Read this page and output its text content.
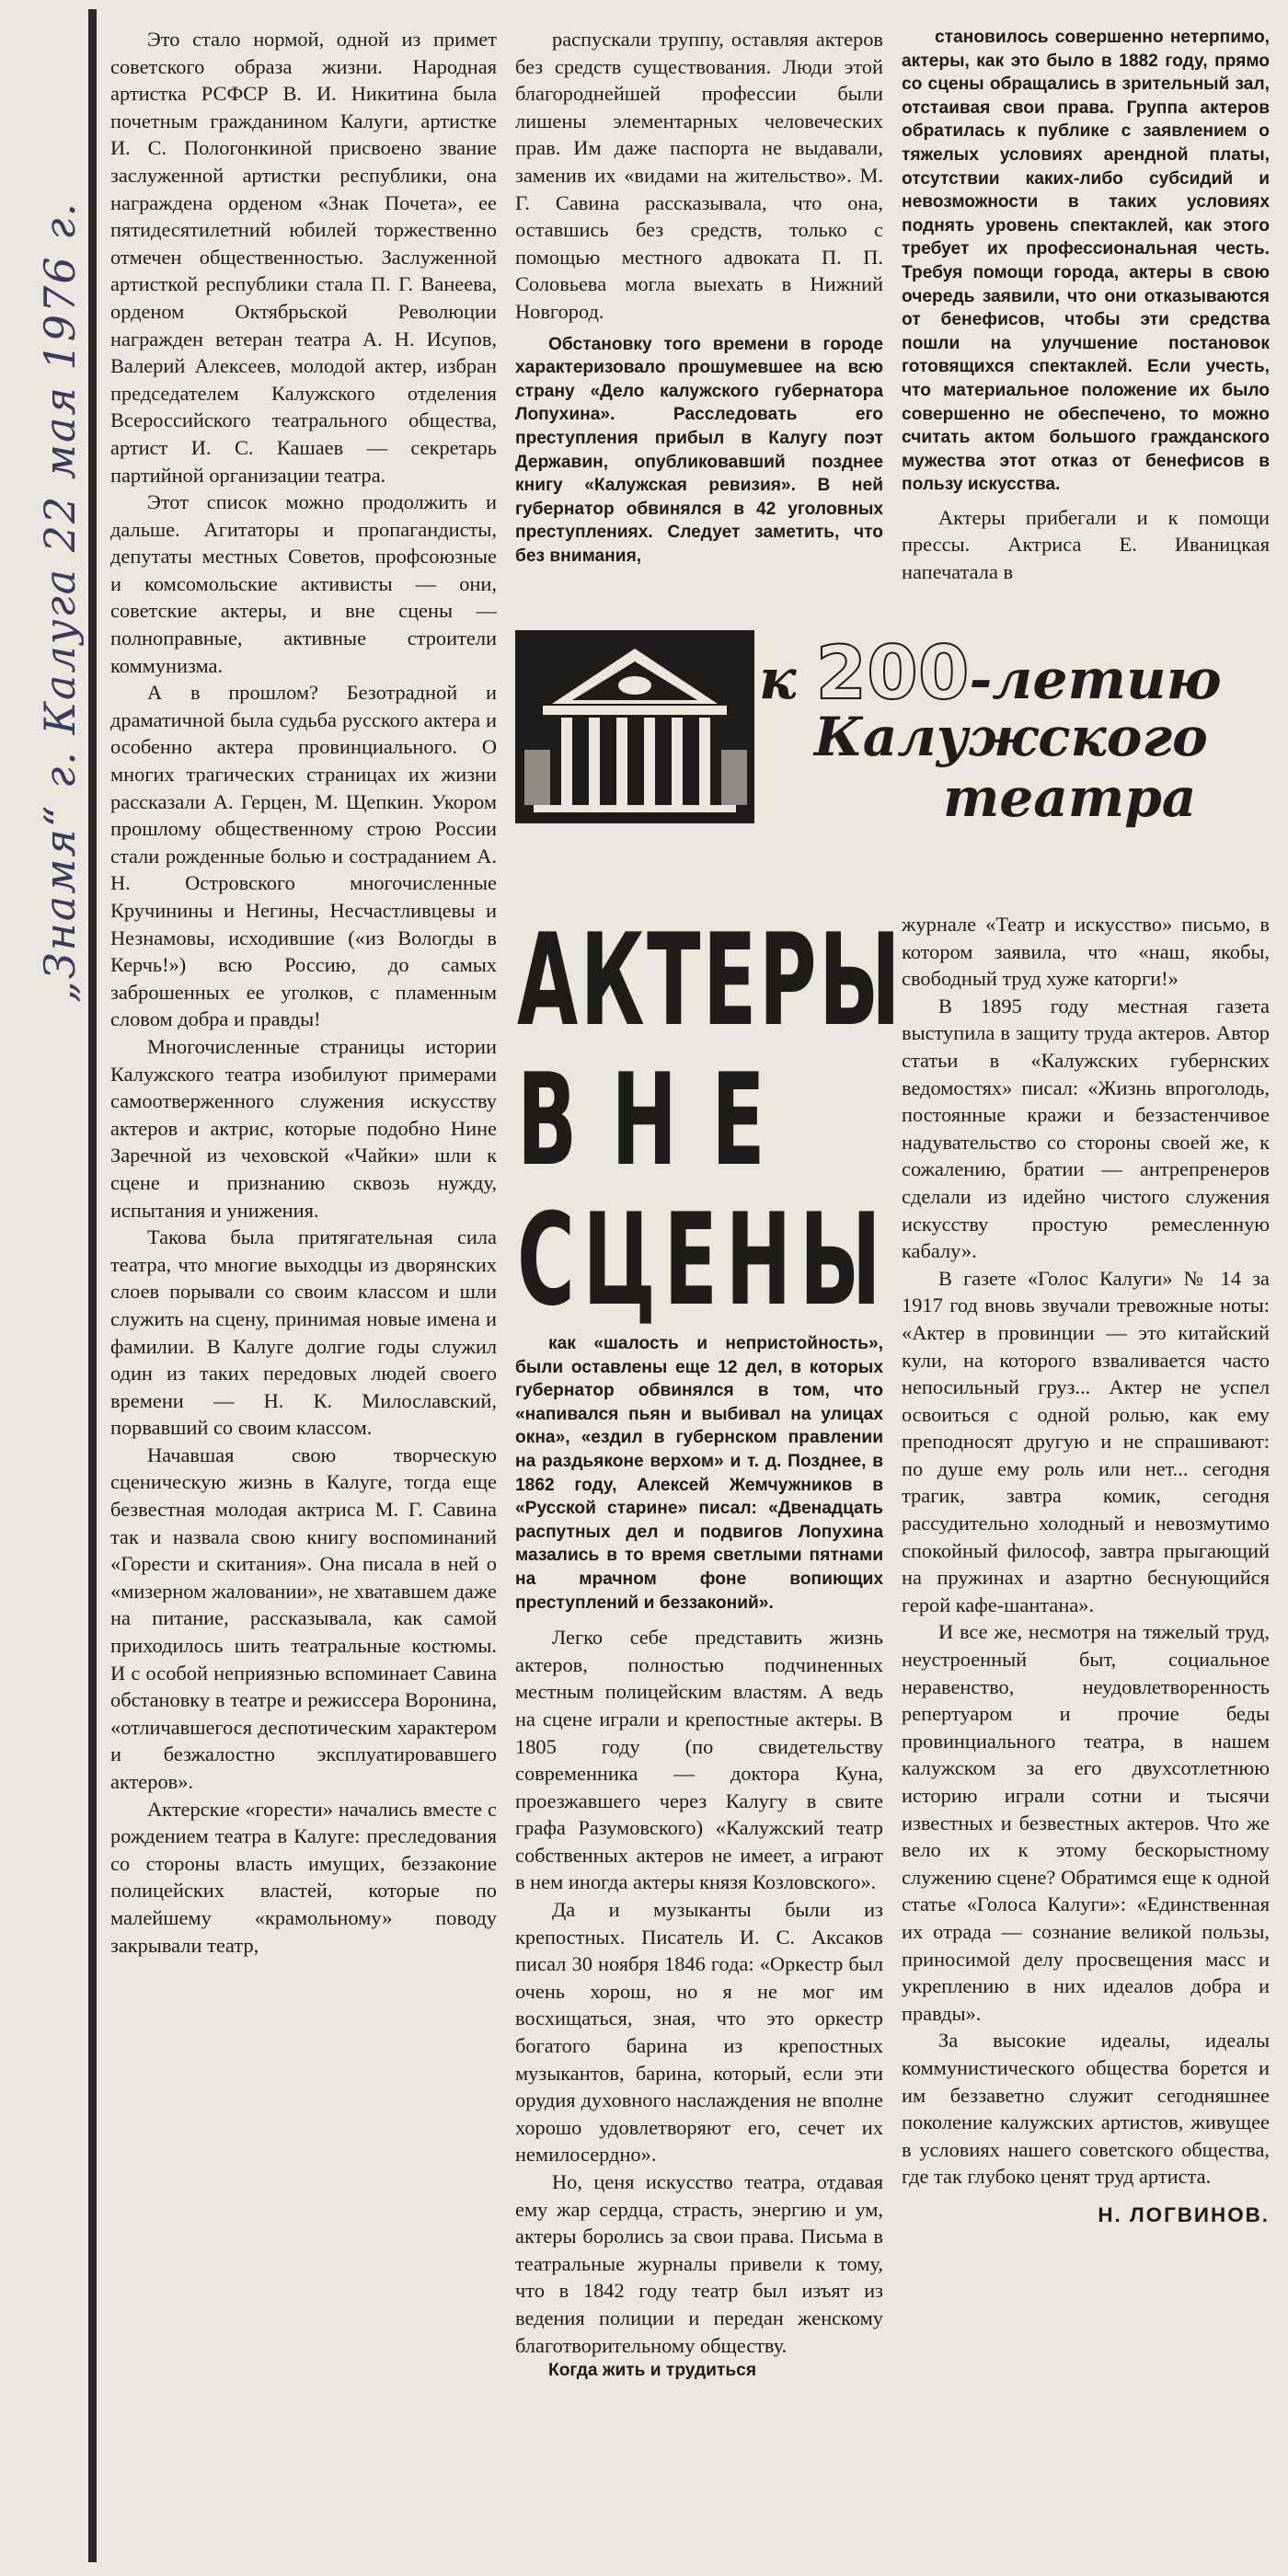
„Знамя“ г. Калуга 22 мая 1976 г.

Это стало нормой, одной из примет советского образа жизни. Народная артистка РСФСР В. И. Никитина была почетным гражданином Калуги, артистке И. С. Пологонкиной присвоено звание заслуженной артистки республики, она награждена орденом «Знак Почета», ее пятидесятилетний юбилей торжественно отмечен общественностью. Заслуженной артисткой республики стала П. Г. Ванеева, орденом Октябрьской Революции награжден ветеран театра А. Н. Исупов, Валерий Алексеев, молодой актер, избран председателем Калужского отделения Всероссийского театрального общества, артист И. С. Кашаев — секретарь партийной организации театра.

Этот список можно продолжить и дальше. Агитаторы и пропагандисты, депутаты местных Советов, профсоюзные и комсомольские активисты — они, советские актеры, и вне сцены — полноправные, активные строители коммунизма.

А в прошлом? Безотрадной и драматичной была судьба русского актера и особенно актера провинциального. О многих трагических страницах их жизни рассказали А. Герцен, М. Щепкин. Укором прошлому общественному строю России стали рожденные болью и состраданием А. Н. Островского многочисленные Кручинины и Негины, Несчастливцевы и Незнамовы, исходившие («из Вологды в Керчь!») всю Россию, до самых заброшенных ее уголков, с пламенным словом добра и правды!

Многочисленные страницы истории Калужского театра изобилуют примерами самоотверженного служения искусству актеров и актрис, которые подобно Нине Заречной из чеховской «Чайки» шли к сцене и признанию сквозь нужду, испытания и унижения.

Такова была притягательная сила театра, что многие выходцы из дворянских слоев порывали со своим классом и шли служить на сцену, принимая новые имена и фамилии. В Калуге долгие годы служил один из таких передовых людей своего времени — Н. К. Милославский, порвавший со своим классом.

Начавшая свою творческую сценическую жизнь в Калуге, тогда еще безвестная молодая актриса М. Г. Савина так и назвала свою книгу воспоминаний «Горести и скитания». Она писала в ней о «мизерном жаловании», не хватавшем даже на питание, рассказывала, как самой приходилось шить театральные костюмы. И с особой неприязнью вспоминает Савина обстановку в театре и режиссера Воронина, «отличавшегося деспотическим характером и безжалостно эксплуатировавшего актеров».

Актерские «горести» начались вместе с рождением театра в Калуге: преследования со стороны власть имущих, беззаконие полицейских властей, которые по малейшему «крамольному» поводу закрывали театр,

распускали труппу, оставляя актеров без средств существования. Люди этой благороднейшей профессии были лишены элементарных человеческих прав. Им даже паспорта не выдавали, заменив их «видами на жительство». М. Г. Савина рассказывала, что она, оставшись без средств, только с помощью местного адвоката П. П. Соловьева могла выехать в Нижний Новгород.

Обстановку того времени в городе характеризовало прошумевшее на всю страну «Дело калужского губернатора Лопухина». Расследовать его преступления прибыл в Калугу поэт Державин, опубликовавший позднее книгу «Калужская ревизия». В ней губернатор обвинялся в 42 уголовных преступлениях. Следует заметить, что без внимания,

становилось совершенно нетерпимо, актеры, как это было в 1882 году, прямо со сцены обращались в зрительный зал, отстаивая свои права. Группа актеров обратилась к публике с заявлением о тяжелых условиях арендной платы, отсутствии каких-либо субсидий и невозможности в таких условиях поднять уровень спектаклей, как этого требует их профессиональная честь. Требуя помощи города, актеры в свою очередь заявили, что они отказываются от бенефисов, чтобы эти средства пошли на улучшение постановок готовящихся спектаклей. Если учесть, что материальное положение их было совершенно не обеспечено, то можно считать актом большого гражданского мужества этот отказ от бенефисов в пользу искусства.

Актеры прибегали и к помощи прессы. Актриса Е. Иваницкая напечатала в

к 200-летию
Калужского
театра
АКТЕРЫ
ВНЕ
СЦЕНЫ

как «шалость и непристойность», были оставлены еще 12 дел, в которых губернатор обвинялся в том, что «напивался пьян и выбивал на улицах окна», «ездил в губернском правлении на раздьяконе верхом» и т. д. Позднее, в 1862 году, Алексей Жемчужников в «Русской старине» писал: «Двенадцать распутных дел и подвигов Лопухина мазались в то время светлыми пятнами на мрачном фоне вопиющих преступлений и беззаконий».

Легко себе представить жизнь актеров, полностью подчиненных местным полицейским властям. А ведь на сцене играли и крепостные актеры. В 1805 году (по свидетельству современника — доктора Куна, проезжавшего через Калугу в свите графа Разумовского) «Калужский театр собственных актеров не имеет, а играют в нем иногда актеры князя Козловского».

Да и музыканты были из крепостных. Писатель И. С. Аксаков писал 30 ноября 1846 года: «Оркестр был очень хорош, но я не мог им восхищаться, зная, что это оркестр богатого барина из крепостных музыкантов, барина, который, если эти орудия духовного наслаждения не вполне хорошо удовлетворяют его, сечет их немилосердно».

Но, ценя искусство театра, отдавая ему жар сердца, страсть, энергию и ум, актеры боролись за свои права. Письма в театральные журналы привели к тому, что в 1842 году театр был изъят из ведения полиции и передан женскому благотворительному обществу.

Когда жить и трудиться

журнале «Театр и искусство» письмо, в котором заявила, что «наш, якобы, свободный труд хуже каторги!»

В 1895 году местная газета выступила в защиту труда актеров. Автор статьи в «Калужских губернских ведомостях» писал: «Жизнь впроголодь, постоянные кражи и беззастенчивое надувательство со стороны своей же, к сожалению, братии — антрепренеров сделали из идейно чистого служения искусству простую ремесленную кабалу».

В газете «Голос Калуги» № 14 за 1917 год вновь звучали тревожные ноты: «Актер в провинции — это китайский кули, на которого взваливается часто непосильный груз... Актер не успел освоиться с одной ролью, как ему преподносят другую и не спрашивают: по душе ему роль или нет... сегодня трагик, завтра комик, сегодня рассудительно холодный и невозмутимо спокойный философ, завтра прыгающий на пружинах и азартно беснующийся герой кафе-шантана».

И все же, несмотря на тяжелый труд, неустроенный быт, социальное неравенство, неудовлетворенность репертуаром и прочие беды провинциального театра, в нашем калужском за его двухсотлетнюю историю играли сотни и тысячи известных и безвестных актеров. Что же вело их к этому бескорыстному служению сцене? Обратимся еще к одной статье «Голоса Калуги»: «Единственная их отрада — сознание великой пользы, приносимой делу просвещения масс и укреплению в них идеалов добра и правды».

За высокие идеалы, идеалы коммунистического общества борется и им беззаветно служит сегодняшнее поколение калужских артистов, живущее в условиях нашего советского общества, где так глубоко ценят труд артиста.

Н. ЛОГВИНОВ.
